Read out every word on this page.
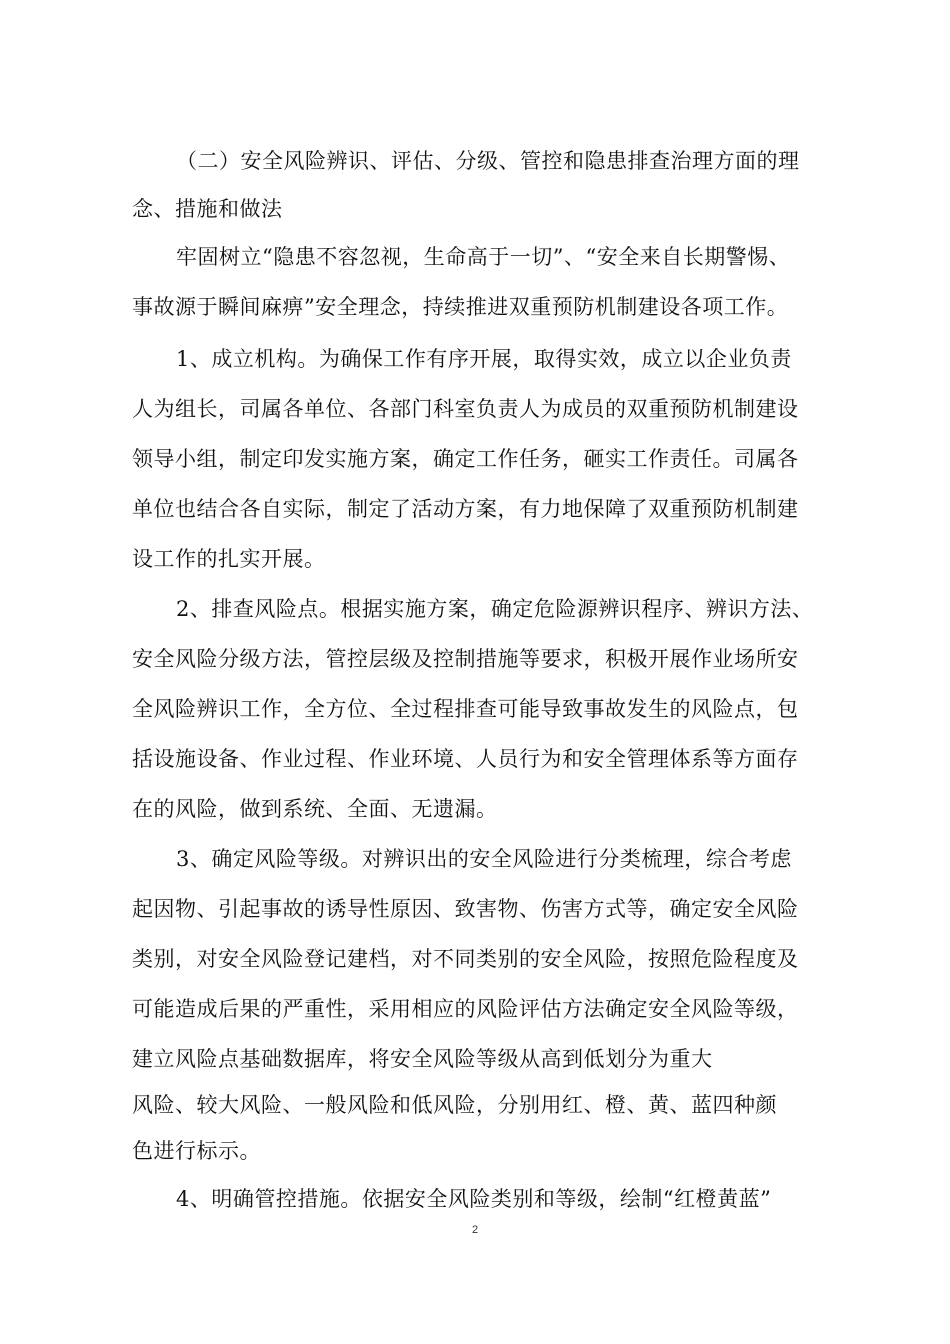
（二）安全风险辨识、评估、分级、管控和隐患排查治理方面的理
念、措施和做法
牢固树立“隐患不容忽视，生命高于一切”、“安全来自长期警惕、
事故源于瞬间麻痹”安全理念，持续推进双重预防机制建设各项工作。
1、成立机构。为确保工作有序开展，取得实效，成立以企业负责
人为组长，司属各单位、各部门科室负责人为成员的双重预防机制建设
领导小组，制定印发实施方案，确定工作任务，砸实工作责任。司属各
单位也结合各自实际，制定了活动方案，有力地保障了双重预防机制建
设工作的扎实开展。
2、排查风险点。根据实施方案，确定危险源辨识程序、辨识方法、
安全风险分级方法，管控层级及控制措施等要求，积极开展作业场所安
全风险辨识工作，全方位、全过程排查可能导致事故发生的风险点，包
括设施设备、作业过程、作业环境、人员行为和安全管理体系等方面存
在的风险，做到系统、全面、无遗漏。
3、确定风险等级。对辨识出的安全风险进行分类梳理，综合考虑
起因物、引起事故的诱导性原因、致害物、伤害方式等，确定安全风险
类别，对安全风险登记建档，对不同类别的安全风险，按照危险程度及
可能造成后果的严重性，采用相应的风险评估方法确定安全风险等级，
建立风险点基础数据库，将安全风险等级从高到低划分为重大
风险、较大风险、一般风险和低风险，分别用红、橙、黄、蓝四种颜
色进行标示。
4、明确管控措施。依据安全风险类别和等级，绘制“红橙黄蓝”
2
